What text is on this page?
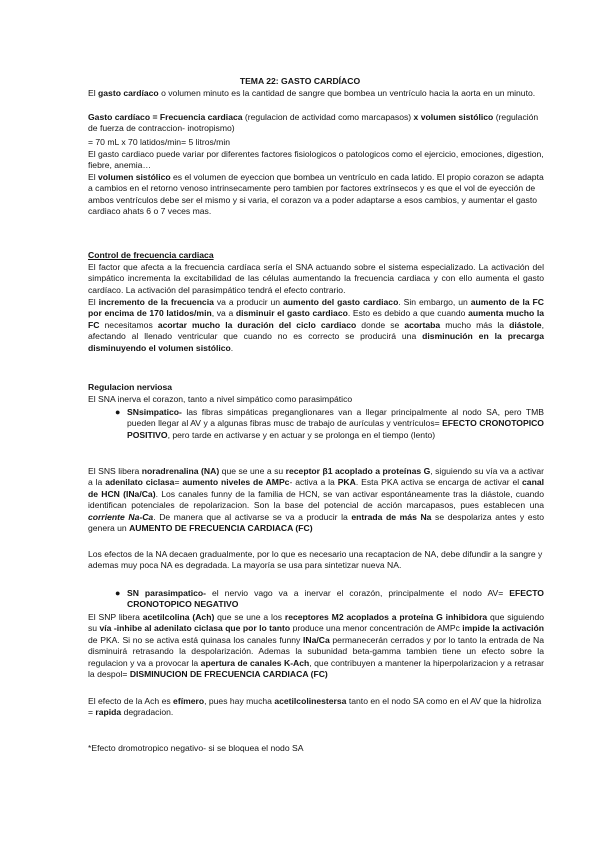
TEMA 22: GASTO CARDÍACO

El gasto cardíaco o volumen minuto es la cantidad de sangre que bombea un ventrículo hacia la aorta en un minuto.

Gasto cardíaco = Frecuencia cardiaca (regulacion de actividad como marcapasos) x volumen sistólico (regulación de fuerza de contraccion- inotropismo)

= 70 mL x 70 latidos/min= 5 litros/min

El gasto cardiaco puede variar por diferentes factores fisiologicos o patologicos como el ejercicio, emociones, digestion, fiebre, anemia…

El volumen sistólico es el volumen de eyeccion que bombea un ventrículo en cada latido. El propio corazon se adapta a cambios en el retorno venoso intrinsecamente pero tambien por factores extrínsecos y es que el vol de eyección de ambos ventrículos debe ser el mismo y si varia, el corazon va a poder adaptarse a esos cambios, y aumentar el gasto cardiaco ahats 6 o 7 veces mas.

Control de frecuencia cardiaca

El factor que afecta a la frecuencia cardíaca sería el SNA actuando sobre el sistema especializado. La activación del simpático incrementa la excitabilidad de las células aumentando la frecuencia cardiaca y con ello aumenta el gasto cardíaco. La activación del parasimpático tendrá el efecto contrario.

El incremento de la frecuencia va a producir un aumento del gasto cardiaco. Sin embargo, un aumento de la FC por encima de 170 latidos/min, va a disminuir el gasto cardiaco. Esto es debido a que cuando aumenta mucho la FC necesitamos acortar mucho la duración del ciclo cardiaco donde se acortaba mucho más la diástole, afectando al llenado ventricular que cuando no es correcto se producirá una disminución en la precarga disminuyendo el volumen sistólico.

Regulacion nerviosa

El SNA inerva el corazon, tanto a nivel simpático como parasimpático

● SNsimpatico- las fibras simpáticas preganglionares van a llegar principalmente al nodo SA, pero TMB pueden llegar al AV y a algunas fibras musc de trabajo de aurículas y ventrículos= EFECTO CRONOTOPICO POSITIVO, pero tarde en activarse y en actuar y se prolonga en el tiempo (lento)

El SNS libera noradrenalina (NA) que se une a su receptor β1 acoplado a proteínas G, siguiendo su vía va a activar a la adenilato ciclasa= aumento niveles de AMPc- activa a la PKA. Esta PKA activa se encarga de activar el canal de HCN (INa/Ca). Los canales funny de la familia de HCN, se van activar espontáneamente tras la diástole, cuando identifican potenciales de repolarizacion. Son la base del potencial de acción marcapasos, pues establecen una corriente Na-Ca. De manera que al activarse se va a producir la entrada de más Na se despolariza antes y esto genera un AUMENTO DE FRECUENCIA CARDIACA (FC)

Los efectos de la NA decaen gradualmente, por lo que es necesario una recaptacion de NA, debe difundir a la sangre y ademas muy poca NA es degradada. La mayoría se usa para sintetizar nueva NA.

● SN parasimpatico- el nervio vago va a inervar el corazón, principalmente el nodo AV= EFECTO CRONOTOPICO NEGATIVO

El SNP libera acetilcolina (Ach) que se une a los receptores M2 acoplados a proteína G inhibidora que siguiendo su vía -inhibe al adenilato ciclasa que por lo tanto produce una menor concentración de AMPc impide la activación de PKA. Si no se activa está quinasa los canales funny INa/Ca permanecerán cerrados y por lo tanto la entrada de Na disminuirá retrasando la despolarización. Ademas la subunidad beta-gamma tambien tiene un efecto sobre la regulacion y va a provocar la apertura de canales K-Ach, que contribuyen a mantener la hiperpolarizacion y a retrasar la despol= DISMINUCION DE FRECUENCIA CARDIACA (FC)

El efecto de la Ach es efímero, pues hay mucha acetilcolinestersa tanto en el nodo SA como en el AV que la hidroliza = rapida degradacion.

*Efecto dromotropico negativo- si se bloquea el nodo SA
